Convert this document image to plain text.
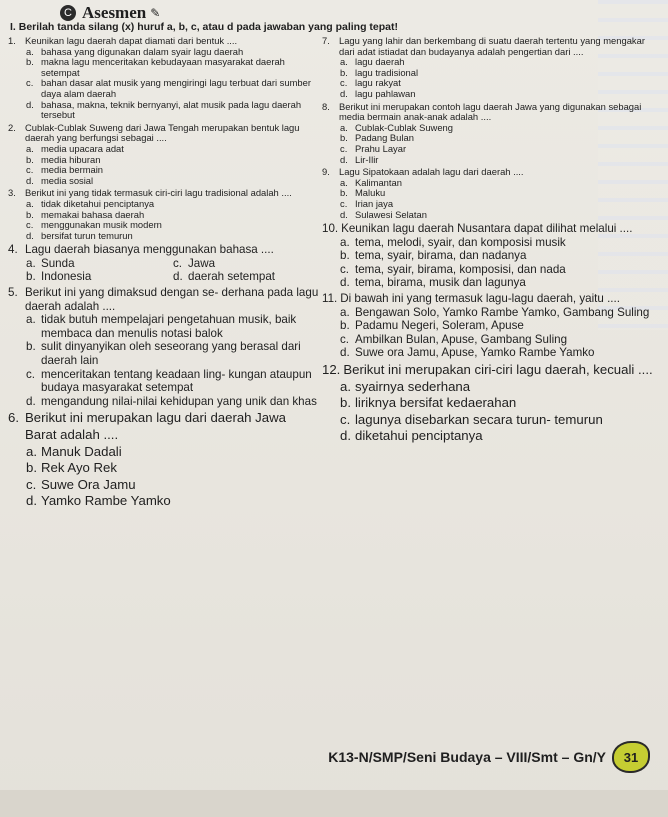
C Asesmen ✎
I. Berilah tanda silang (x) huruf a, b, c, atau d pada jawaban yang paling tepat!
1. Keunikan lagu daerah dapat diamati dari bentuk ....
a. bahasa yang digunakan dalam syair lagu daerah
b. makna lagu menceritakan kebudayaan masyarakat daerah setempat
c. bahan dasar alat musik yang mengiringi lagu terbuat dari sumber daya alam daerah
d. bahasa, makna, teknik bernyanyi, alat musik pada lagu daerah tersebut
2. Cublak-Cublak Suweng dari Jawa Tengah merupakan bentuk lagu daerah yang berfungsi sebagai ....
a. media upacara adat
b. media hiburan
c. media bermain
d. media sosial
3. Berikut ini yang tidak termasuk ciri-ciri lagu tradisional adalah ....
a. tidak diketahui penciptanya
b. memakai bahasa daerah
c. menggunakan musik modern
d. bersifat turun temurun
4. Lagu daerah biasanya menggunakan bahasa ....
a. Sunda	c. Jawa
b. Indonesia	d. daerah setempat
5. Berikut ini yang dimaksud dengan se- derhana pada lagu daerah adalah ....
a. tidak butuh mempelajari pengetahuan musik, baik membaca dan menulis notasi balok
b. sulit dinyanyikan oleh seseorang yang berasal dari daerah lain
c. menceritakan tentang keadaan ling- kungan ataupun budaya masyarakat setempat
d. mengandung nilai-nilai kehidupan yang unik dan khas
6. Berikut ini merupakan lagu dari daerah Jawa Barat adalah ....
a. Manuk Dadali
b. Rek Ayo Rek
c. Suwe Ora Jamu
d. Yamko Rambe Yamko
7. Lagu yang lahir dan berkembang di suatu daerah tertentu yang mengakar dari adat istiadat dan budayanya adalah pengertian dari ....
a. lagu daerah
b. lagu tradisional
c. lagu rakyat
d. lagu pahlawan
8. Berikut ini merupakan contoh lagu daerah Jawa yang digunakan sebagai media bermain anak-anak adalah ....
a. Cublak-Cublak Suweng
b. Padang Bulan
c. Prahu Layar
d. Lir-Ilir
9. Lagu Sipatokaan adalah lagu dari daerah ....
a. Kalimantan
b. Maluku
c. Irian jaya
d. Sulawesi Selatan
10. Keunikan lagu daerah Nusantara dapat dilihat melalui ....
a. tema, melodi, syair, dan komposisi musik
b. tema, syair, birama, dan nadanya
c. tema, syair, birama, komposisi, dan nada
d. tema, birama, musik dan lagunya
11. Di bawah ini yang termasuk lagu-lagu daerah, yaitu ....
a. Bengawan Solo, Yamko Rambe Yamko, Gambang Suling
b. Padamu Negeri, Soleram, Apuse
c. Ambilkan Bulan, Apuse, Gambang Suling
d. Suwe ora Jamu, Apuse, Yamko Rambe Yamko
12. Berikut ini merupakan ciri-ciri lagu daerah, kecuali ....
a. syairnya sederhana
b. liriknya bersifat kedaerahan
c. lagunya disebarkan secara turun- temurun
d. diketahui penciptanya
K13-N/SMP/Seni Budaya – VIII/Smt – Gn/Y	31
